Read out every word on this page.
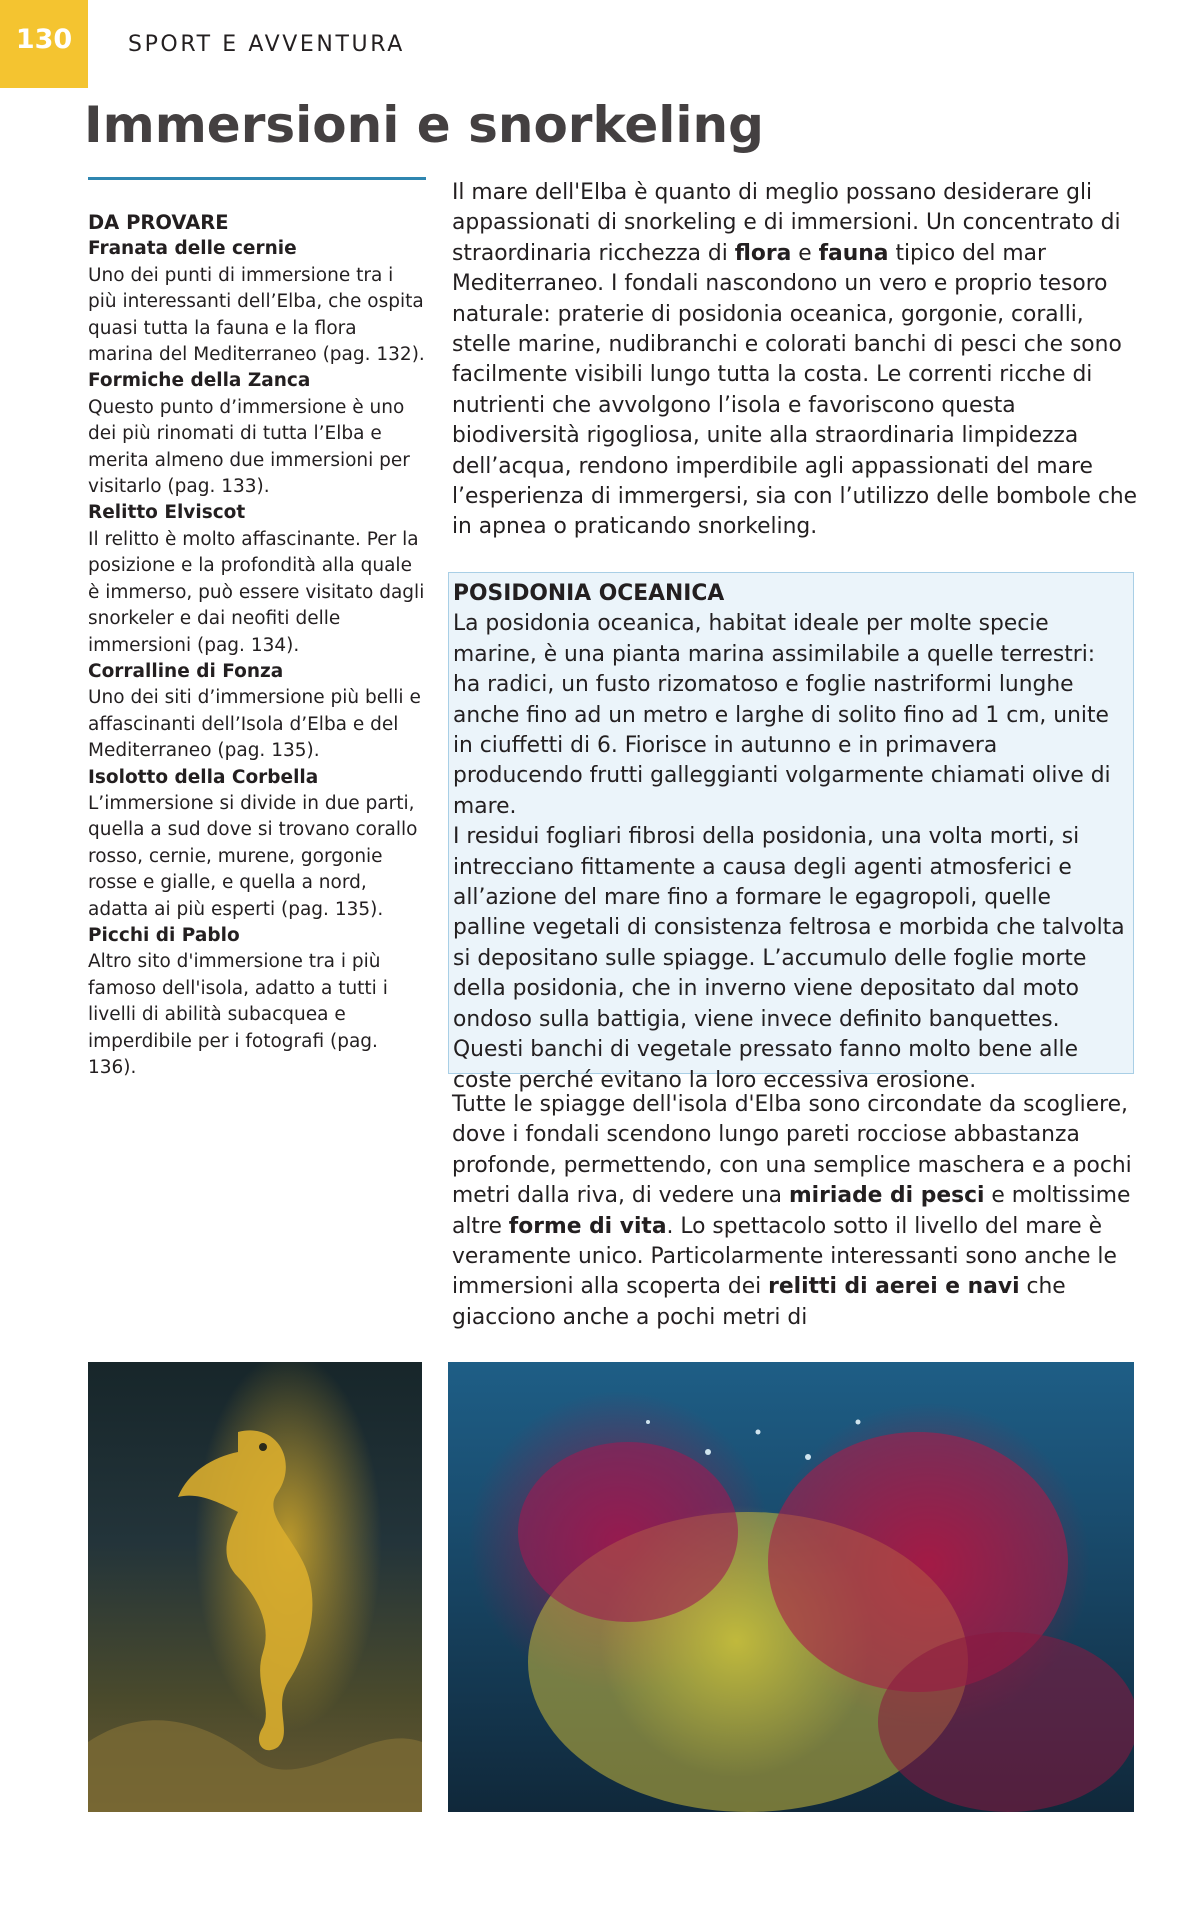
130	SPORT E AVVENTURA
Immersioni e snorkeling
DA PROVARE

Franata delle cernie
Uno dei punti di immersione tra i più interessanti dell’Elba, che ospita quasi tutta la fauna e la flora marina del Mediterraneo (pag. 132).

Formiche della Zanca
Questo punto d’immersione è uno dei più rinomati di tutta l’Elba e merita almeno due immersioni per visitarlo (pag. 133).

Relitto Elviscot
Il relitto è molto affascinante. Per la posizione e la profondità alla quale è immerso, può essere visitato dagli snorkeler e dai neofiti delle immersioni (pag. 134).

Corralline di Fonza
Uno dei siti d’immersione più belli e affascinanti dell’Isola d’Elba e del Mediterraneo (pag. 135).

Isolotto della Corbella
L’immersione si divide in due parti, quella a sud dove si trovano corallo rosso, cernie, murene, gorgonie rosse e gialle, e quella a nord, adatta ai più esperti (pag. 135).

Picchi di Pablo
Altro sito d'immersione tra i più famoso dell'isola, adatto a tutti i livelli di abilità subacquea e imperdibile per i fotografi (pag. 136).

Il mare dell'Elba è quanto di meglio possano desiderare gli appassionati di snorkeling e di immersioni. Un concentrato di straordinaria ricchezza di flora e fauna tipico del mar Mediterraneo. I fondali nascondono un vero e proprio tesoro naturale: praterie di posidonia oceanica, gorgonie, coralli, stelle marine, nudibranchi e colorati banchi di pesci che sono facilmente visibili lungo tutta la costa. Le correnti ricche di nutrienti che avvolgono l’isola e favoriscono questa biodiversità rigogliosa, unite alla straordinaria limpidezza dell’acqua, rendono imperdibile agli appassionati del mare l’esperienza di immergersi, sia con l’utilizzo delle bombole che in apnea o praticando snorkeling.

POSIDONIA OCEANICA

La posidonia oceanica, habitat ideale per molte specie marine, è una pianta marina assimilabile a quelle terrestri: ha radici, un fusto rizomatoso e foglie nastriformi lunghe anche fino ad un metro e larghe di solito fino ad 1 cm, unite in ciuffetti di 6. Fiorisce in autunno e in primavera producendo frutti galleggianti volgarmente chiamati olive di mare.

I residui fogliari fibrosi della posidonia, una volta morti, si intrecciano fittamente a causa degli agenti atmosferici e all’azione del mare fino a formare le egagropoli, quelle palline vegetali di consistenza feltrosa e morbida che talvolta si depositano sulle spiagge. L’accumulo delle foglie morte della posidonia, che in inverno viene depositato dal moto ondoso sulla battigia, viene invece definito banquettes. Questi banchi di vegetale pressato fanno molto bene alle coste perché evitano la loro eccessiva erosione.

Tutte le spiagge dell'isola d'Elba sono circondate da scogliere, dove i fondali scendono lungo pareti rocciose abbastanza profonde, permettendo, con una semplice maschera e a pochi metri dalla riva, di vedere una miriade di pesci e moltissime altre forme di vita. Lo spettacolo sotto il livello del mare è veramente unico. Particolarmente interessanti sono anche le immersioni alla scoperta dei relitti di aerei e navi che giacciono anche a pochi metri di
